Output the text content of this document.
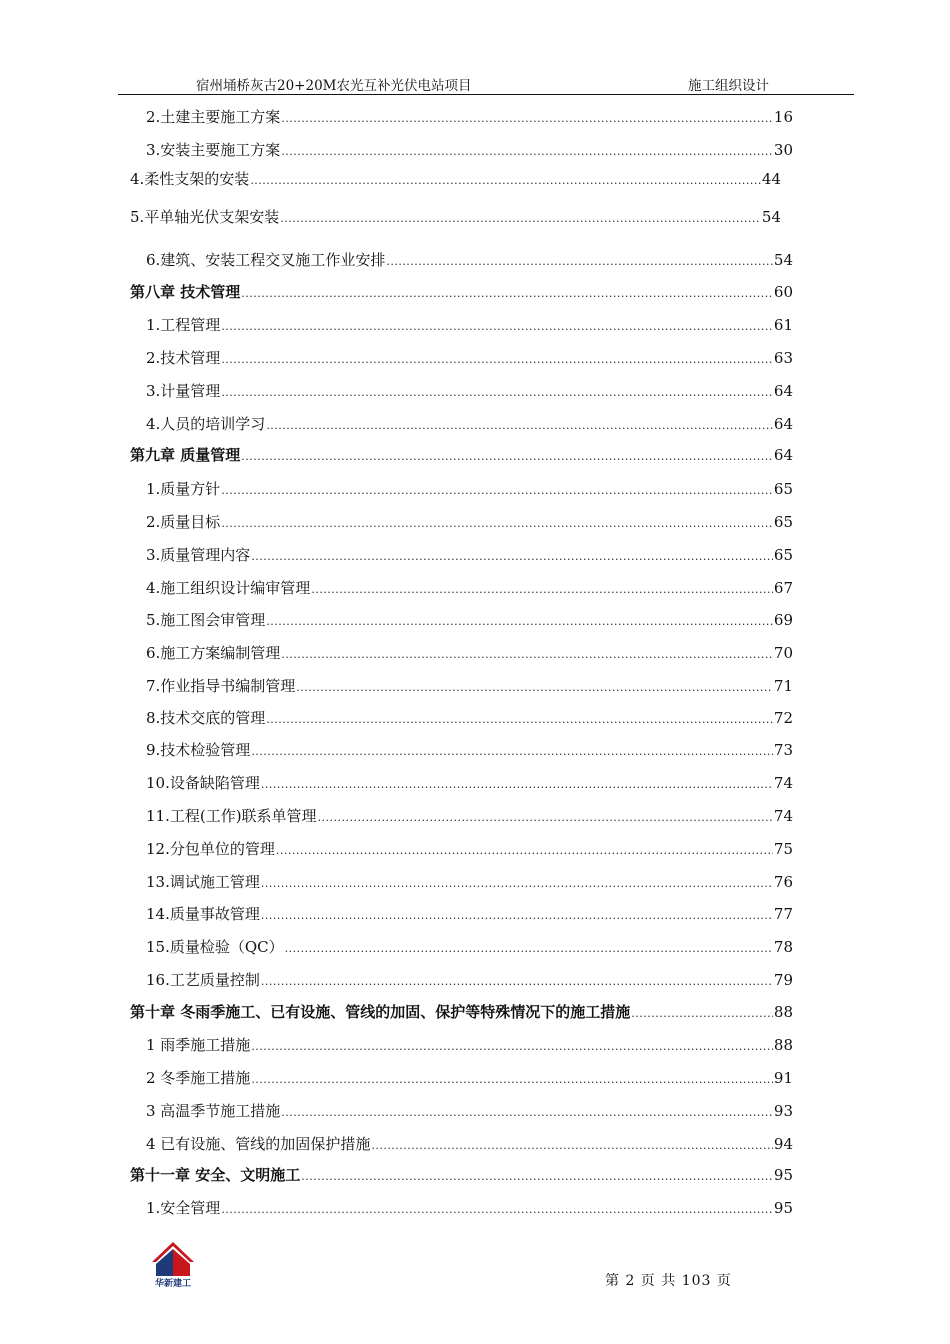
宿州埇桥灰古20+20M农光互补光伏电站项目	施工组织设计
2.土建主要施工方案 .....	16
3.安装主要施工方案 .....	30
4.柔性支架的安装 .....	44
5.平单轴光伏支架安装 .....	54
6.建筑、安装工程交叉施工作业安排 .....	54
第八章 技术管理 .....	60
1.工程管理 .....	61
2.技术管理 .....	63
3.计量管理 .....	64
4.人员的培训学习 .....	64
第九章 质量管理 .....	64
1.质量方针 .....	65
2.质量目标 .....	65
3.质量管理内容 .....	65
4.施工组织设计编审管理 .....	67
5.施工图会审管理 .....	69
6.施工方案编制管理 .....	70
7.作业指导书编制管理 .....	71
8.技术交底的管理 .....	72
9.技术检验管理 .....	73
10.设备缺陷管理 .....	74
11.工程(工作)联系单管理 .....	74
12.分包单位的管理 .....	75
13.调试施工管理 .....	76
14.质量事故管理 .....	77
15.质量检验（QC） .....	78
16.工艺质量控制 .....	79
第十章 冬雨季施工、已有设施、管线的加固、保护等特殊情况下的施工措施 .....	88
1 雨季施工措施 .....	88
2 冬季施工措施 .....	91
3 高温季节施工措施 .....	93
4 已有设施、管线的加固保护措施 .....	94
第十一章 安全、文明施工 .....	95
1.安全管理 .....	95
华新建工	第 2 页 共 103 页
